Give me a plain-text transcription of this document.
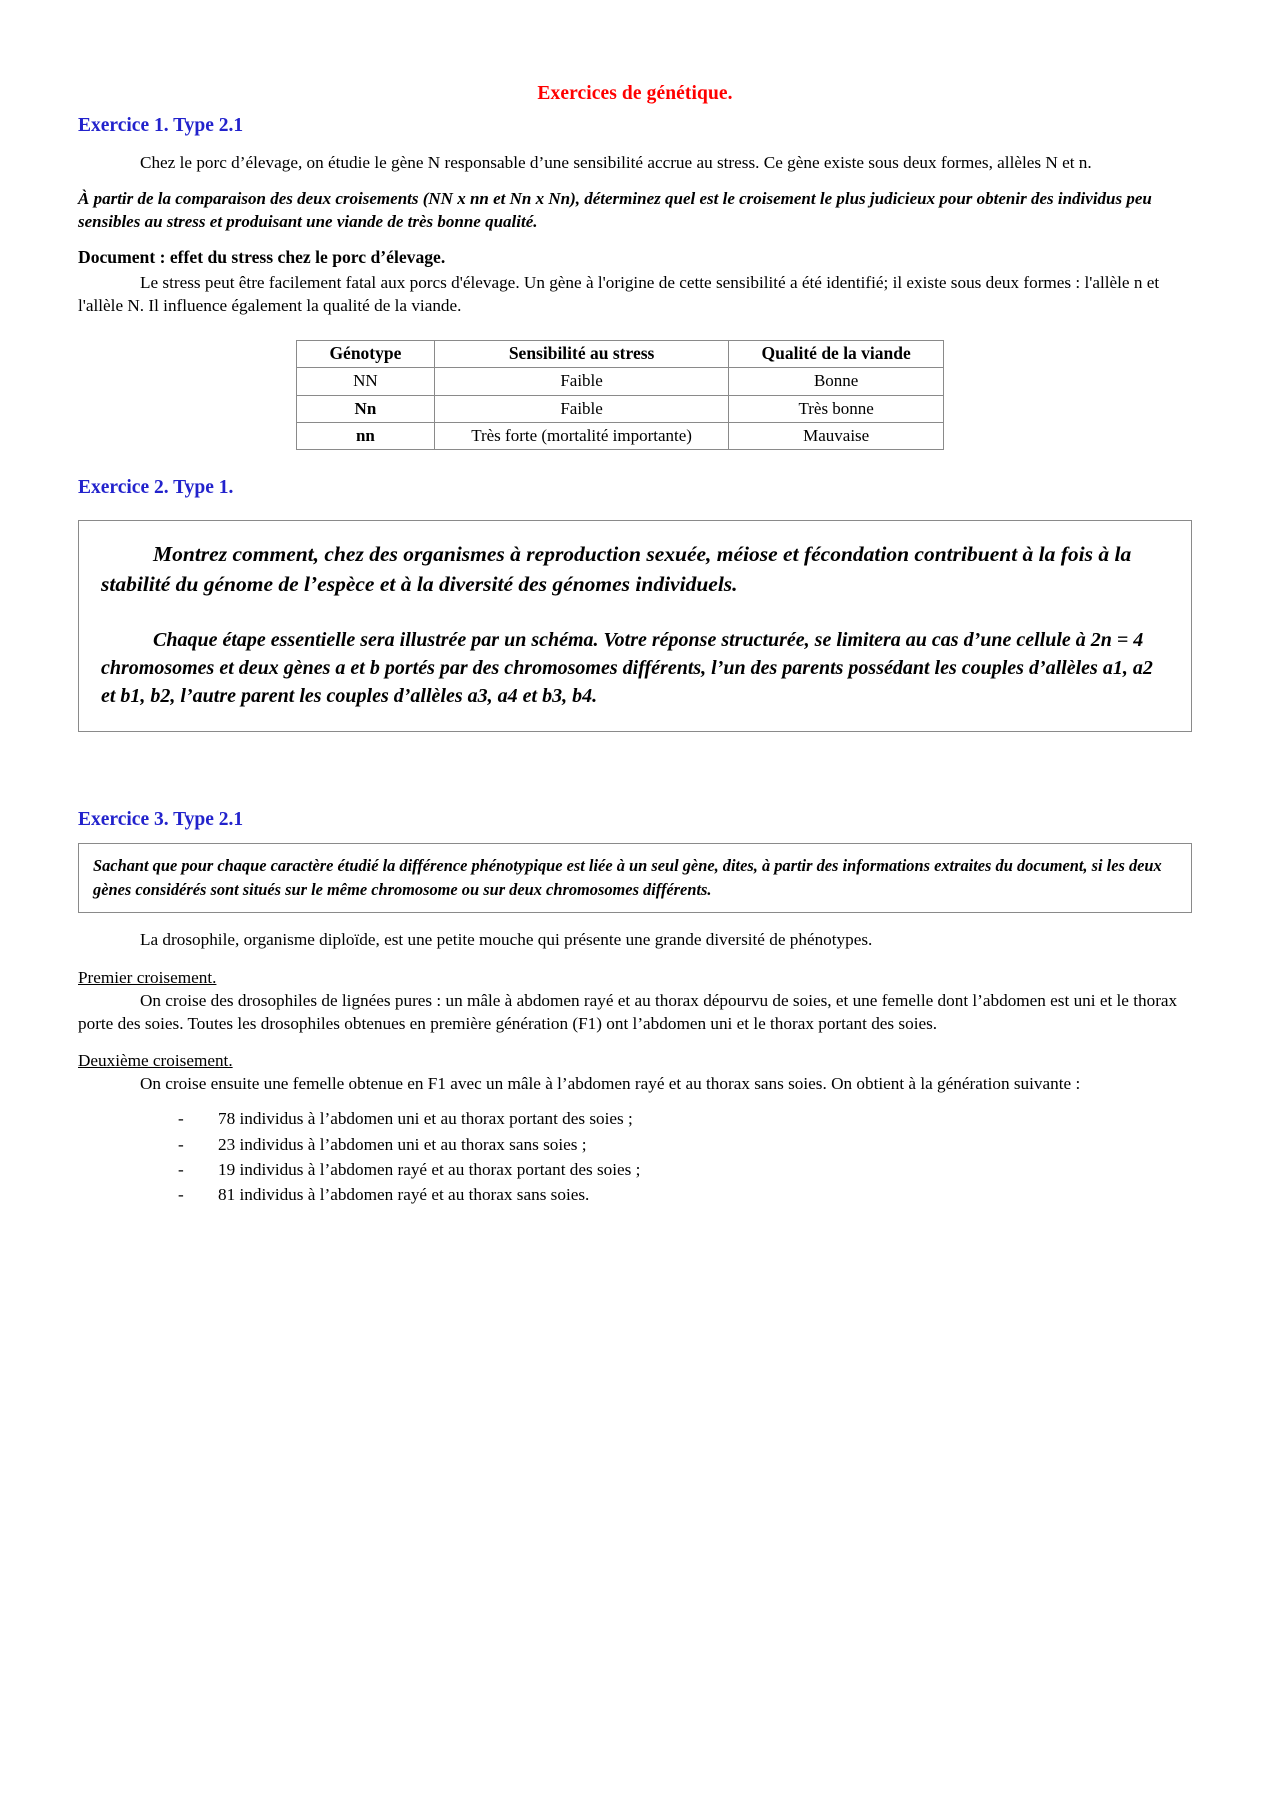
Exercices de génétique.
Exercice 1. Type 2.1

Chez le porc d’élevage, on étudie le gène N responsable d’une sensibilité accrue au stress. Ce gène existe sous deux formes, allèles N et n.

À partir de la comparaison des deux croisements (NN x nn et Nn x Nn), déterminez quel est le croisement le plus judicieux pour obtenir des individus peu sensibles au stress et produisant une viande de très bonne qualité.

Document : effet du stress chez le porc d’élevage.

Le stress peut être facilement fatal aux porcs d'élevage. Un gène à l'origine de cette sensibilité a été identifié; il existe sous deux formes : l'allèle n et l'allèle N. Il influence également la qualité de la viande.

Génotype	Sensibilité au stress	Qualité de la viande
NN	Faible	Bonne
Nn	Faible	Très bonne
nn	Très forte (mortalité importante)	Mauvaise
Exercice 2. Type 1.

Montrez comment, chez des organismes à reproduction sexuée, méiose et fécondation contribuent à la fois à la stabilité du génome de l’espèce et à la diversité des génomes individuels.

Chaque étape essentielle sera illustrée par un schéma. Votre réponse structurée, se limitera au cas d’une cellule à 2n = 4 chromosomes et deux gènes a et b portés par des chromosomes différents, l’un des parents possédant les couples d’allèles a1, a2 et b1, b2, l’autre parent les couples d’allèles a3, a4 et b3, b4.

Exercice 3. Type 2.1

Sachant que pour chaque caractère étudié la différence phénotypique est liée à un seul gène, dites, à partir des informations extraites du document, si les deux gènes considérés sont situés sur le même chromosome ou sur deux chromosomes différents.

La drosophile, organisme diploïde, est une petite mouche qui présente une grande diversité de phénotypes.

Premier croisement.

On croise des drosophiles de lignées pures : un mâle à abdomen rayé et au thorax dépourvu de soies, et une femelle dont l’abdomen est uni et le thorax porte des soies. Toutes les drosophiles obtenues en première génération (F1) ont l’abdomen uni et le thorax portant des soies.

Deuxième croisement.

On croise ensuite une femelle obtenue en F1 avec un mâle à l’abdomen rayé et au thorax sans soies. On obtient à la génération suivante :

- 78 individus à l’abdomen uni et au thorax portant des soies ;
- 23 individus à l’abdomen uni et au thorax sans soies ;
- 19 individus à l’abdomen rayé et au thorax portant des soies ;
- 81 individus à l’abdomen rayé et au thorax sans soies.
